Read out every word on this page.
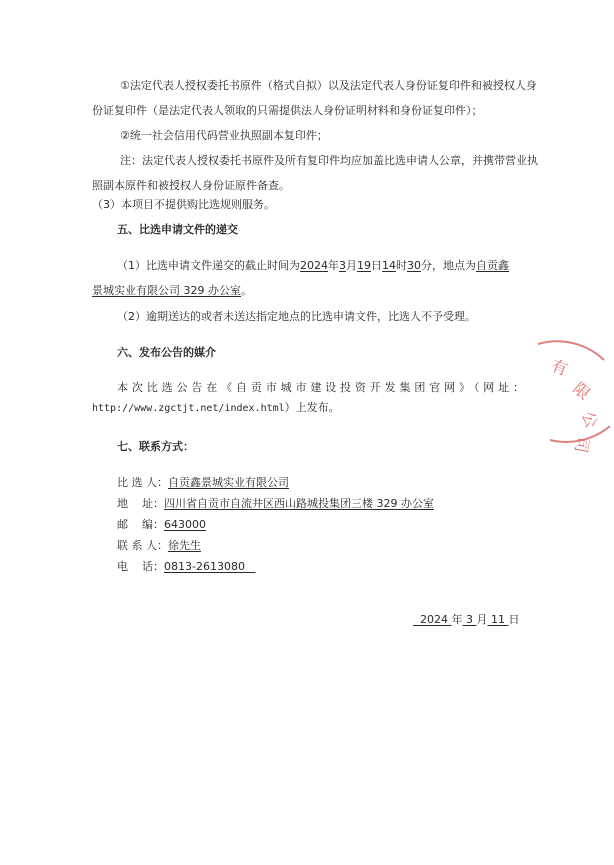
①法定代表人授权委托书原件（格式自拟）以及法定代表人身份证复印件和被授权人身
份证复印件（是法定代表人领取的只需提供法人身份证明材料和身份证复印件）；
②统一社会信用代码营业执照副本复印件；
注：法定代表人授权委托书原件及所有复印件均应加盖比选申请人公章，并携带营业执
照副本原件和被授权人身份证原件备查。
（3）本项目不提供购比选规则服务。
五、比选申请文件的递交
（1）比选申请文件递交的截止时间为2024年3月19日14时30分，地点为自贡鑫
景城实业有限公司 329 办公室。
（2）逾期送达的或者未送达指定地点的比选申请文件，比选人不予受理。
六、发布公告的媒介
本次比选公告在《自贡市城市建设投资开发集团官网》（网址：
http://www.zgctjt.net/index.html）上发布。
七、联系方式：
比 选 人：自贡鑫景城实业有限公司
地    址：四川省自贡市自流井区西山路城投集团三楼 329 办公室
邮    编：643000
联 系 人：徐先生
电    话：0813-2613080
2024 年 3 月 11 日
有
限
公
司
